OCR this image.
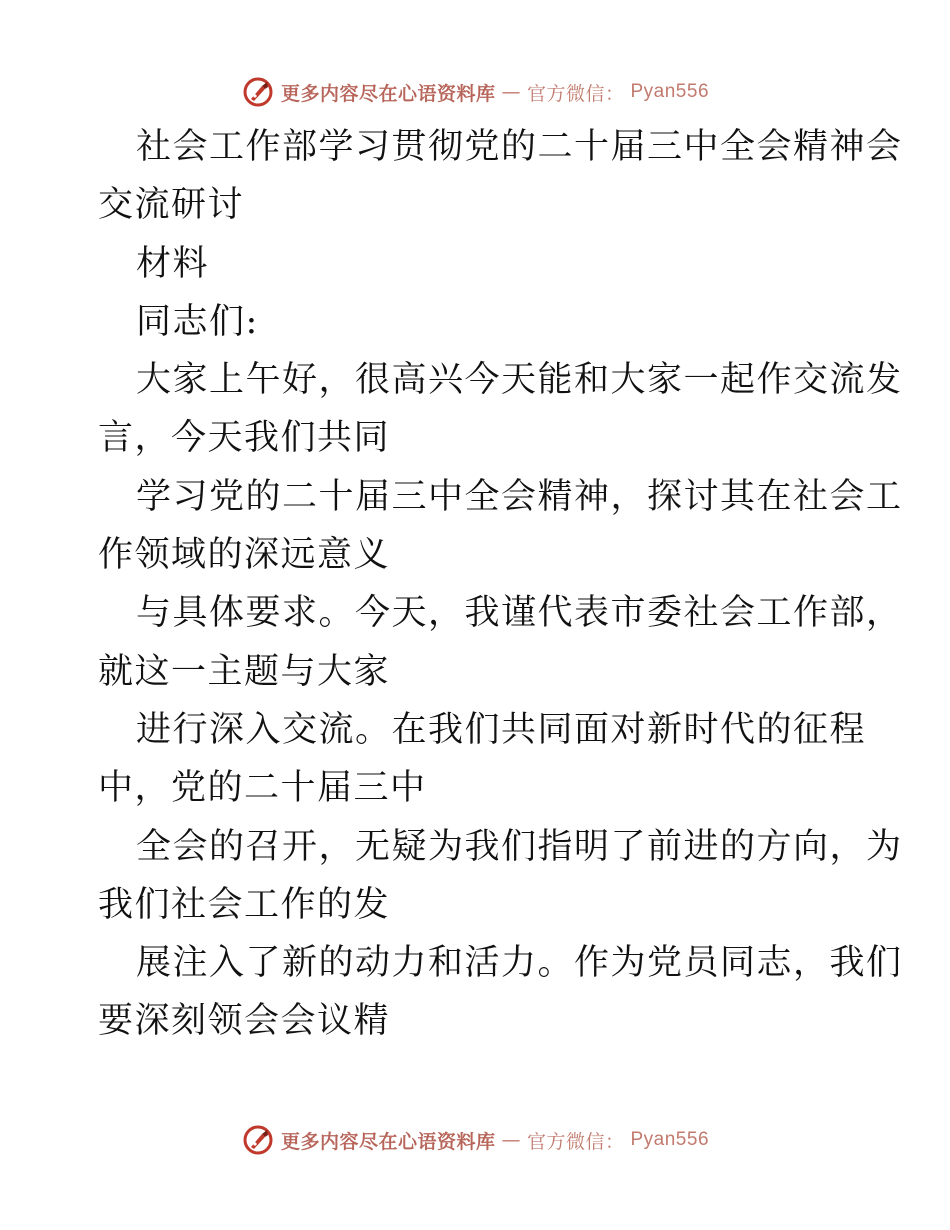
更多内容尽在心语资料库 — 官方微信： Pyan556
社会工作部学习贯彻党的二十届三中全会精神会
交流研讨
材料
同志们:
大家上午好，很高兴今天能和大家一起作交流发
言，今天我们共同
学习党的二十届三中全会精神，探讨其在社会工
作领域的深远意义
与具体要求。今天，我谨代表市委社会工作部，
就这一主题与大家
进行深入交流。在我们共同面对新时代的征程
中，党的二十届三中
全会的召开，无疑为我们指明了前进的方向，为
我们社会工作的发
展注入了新的动力和活力。作为党员同志，我们
要深刻领会会议精
更多内容尽在心语资料库 — 官方微信： Pyan556
